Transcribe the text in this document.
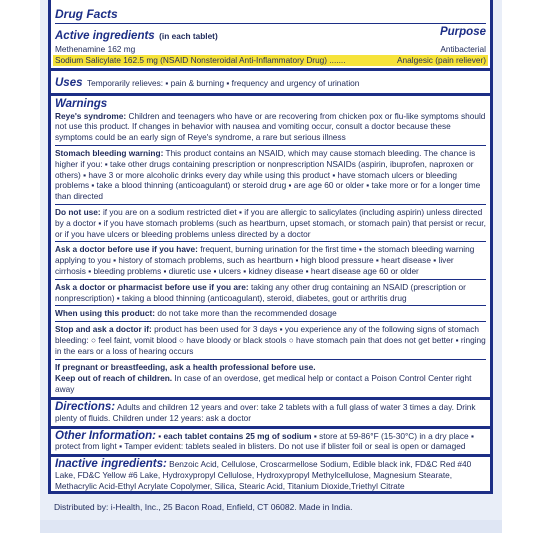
Drug Facts
Active ingredients (in each tablet)	Purpose
Methenamine 162 mg	Antibacterial
Sodium Salicylate 162.5 mg (NSAID Nonsteroidal Anti-Inflammatory Drug) .......	Analgesic (pain reliever)
Uses Temporarily relieves: ▪ pain & burning ▪ frequency and urgency of urination
Warnings

Reye's syndrome: Children and teenagers who have or are recovering from chicken pox or flu-like symptoms should not use this product. If changes in behavior with nausea and vomiting occur, consult a doctor because these symptoms could be an early sign of Reye's syndrome, a rare but serious illness

Stomach bleeding warning: This product contains an NSAID, which may cause stomach bleeding. The chance is higher if you: ▪ take other drugs containing prescription or nonprescription NSAIDs (aspirin, ibuprofen, naproxen or others) ▪ have 3 or more alcoholic drinks every day while using this product ▪ have stomach ulcers or bleeding problems ▪ take a blood thinning (anticoagulant) or steroid drug ▪ are age 60 or older ▪ take more or for a longer time than directed

Do not use: if you are on a sodium restricted diet ▪ if you are allergic to salicylates (including aspirin) unless directed by a doctor ▪ if you have stomach problems (such as heartburn, upset stomach, or stomach pain) that persist or recur, or if you have ulcers or bleeding problems unless directed by a doctor

Ask a doctor before use if you have: frequent, burning urination for the first time ▪ the stomach bleeding warning applying to you ▪ history of stomach problems, such as heartburn ▪ high blood pressure ▪ heart disease ▪ liver cirrhosis ▪ bleeding problems ▪ diuretic use ▪ ulcers ▪ kidney disease ▪ heart disease age 60 or older

Ask a doctor or pharmacist before use if you are: taking any other drug containing an NSAID (prescription or nonprescription) ▪ taking a blood thinning (anticoagulant), steroid, diabetes, gout or arthritis drug

When using this product: do not take more than the recommended dosage

Stop and ask a doctor if: product has been used for 3 days ▪ you experience any of the following signs of stomach bleeding: ○ feel faint, vomit blood ○ have bloody or black stools ○ have stomach pain that does not get better ▪ ringing in the ears or a loss of hearing occurs

If pregnant or breastfeeding, ask a health professional before use.

Keep out of reach of children. In case of an overdose, get medical help or contact a Poison Control Center right away

Directions: Adults and children 12 years and over: take 2 tablets with a full glass of water 3 times a day. Drink plenty of fluids. Children under 12 years: ask a doctor

Other Information: ▪ each tablet contains 25 mg of sodium ▪ store at 59-86°F (15-30°C) in a dry place ▪ protect from light ▪ Tamper evident: tablets sealed in blisters. Do not use if blister foil or seal is open or damaged

Inactive ingredients: Benzoic Acid, Cellulose, Croscarmellose Sodium, Edible black ink, FD&C Red #40 Lake, FD&C Yellow #6 Lake, Hydroxypropyl Cellulose, Hydroxypropyl Methylcellulose, Magnesium Stearate, Methacrylic Acid-Ethyl Acrylate Copolymer, Silica, Stearic Acid, Titanium Dioxide,Triethyl Citrate

Distributed by: i-Health, Inc., 25 Bacon Road, Enfield, CT 06082. Made in India.
